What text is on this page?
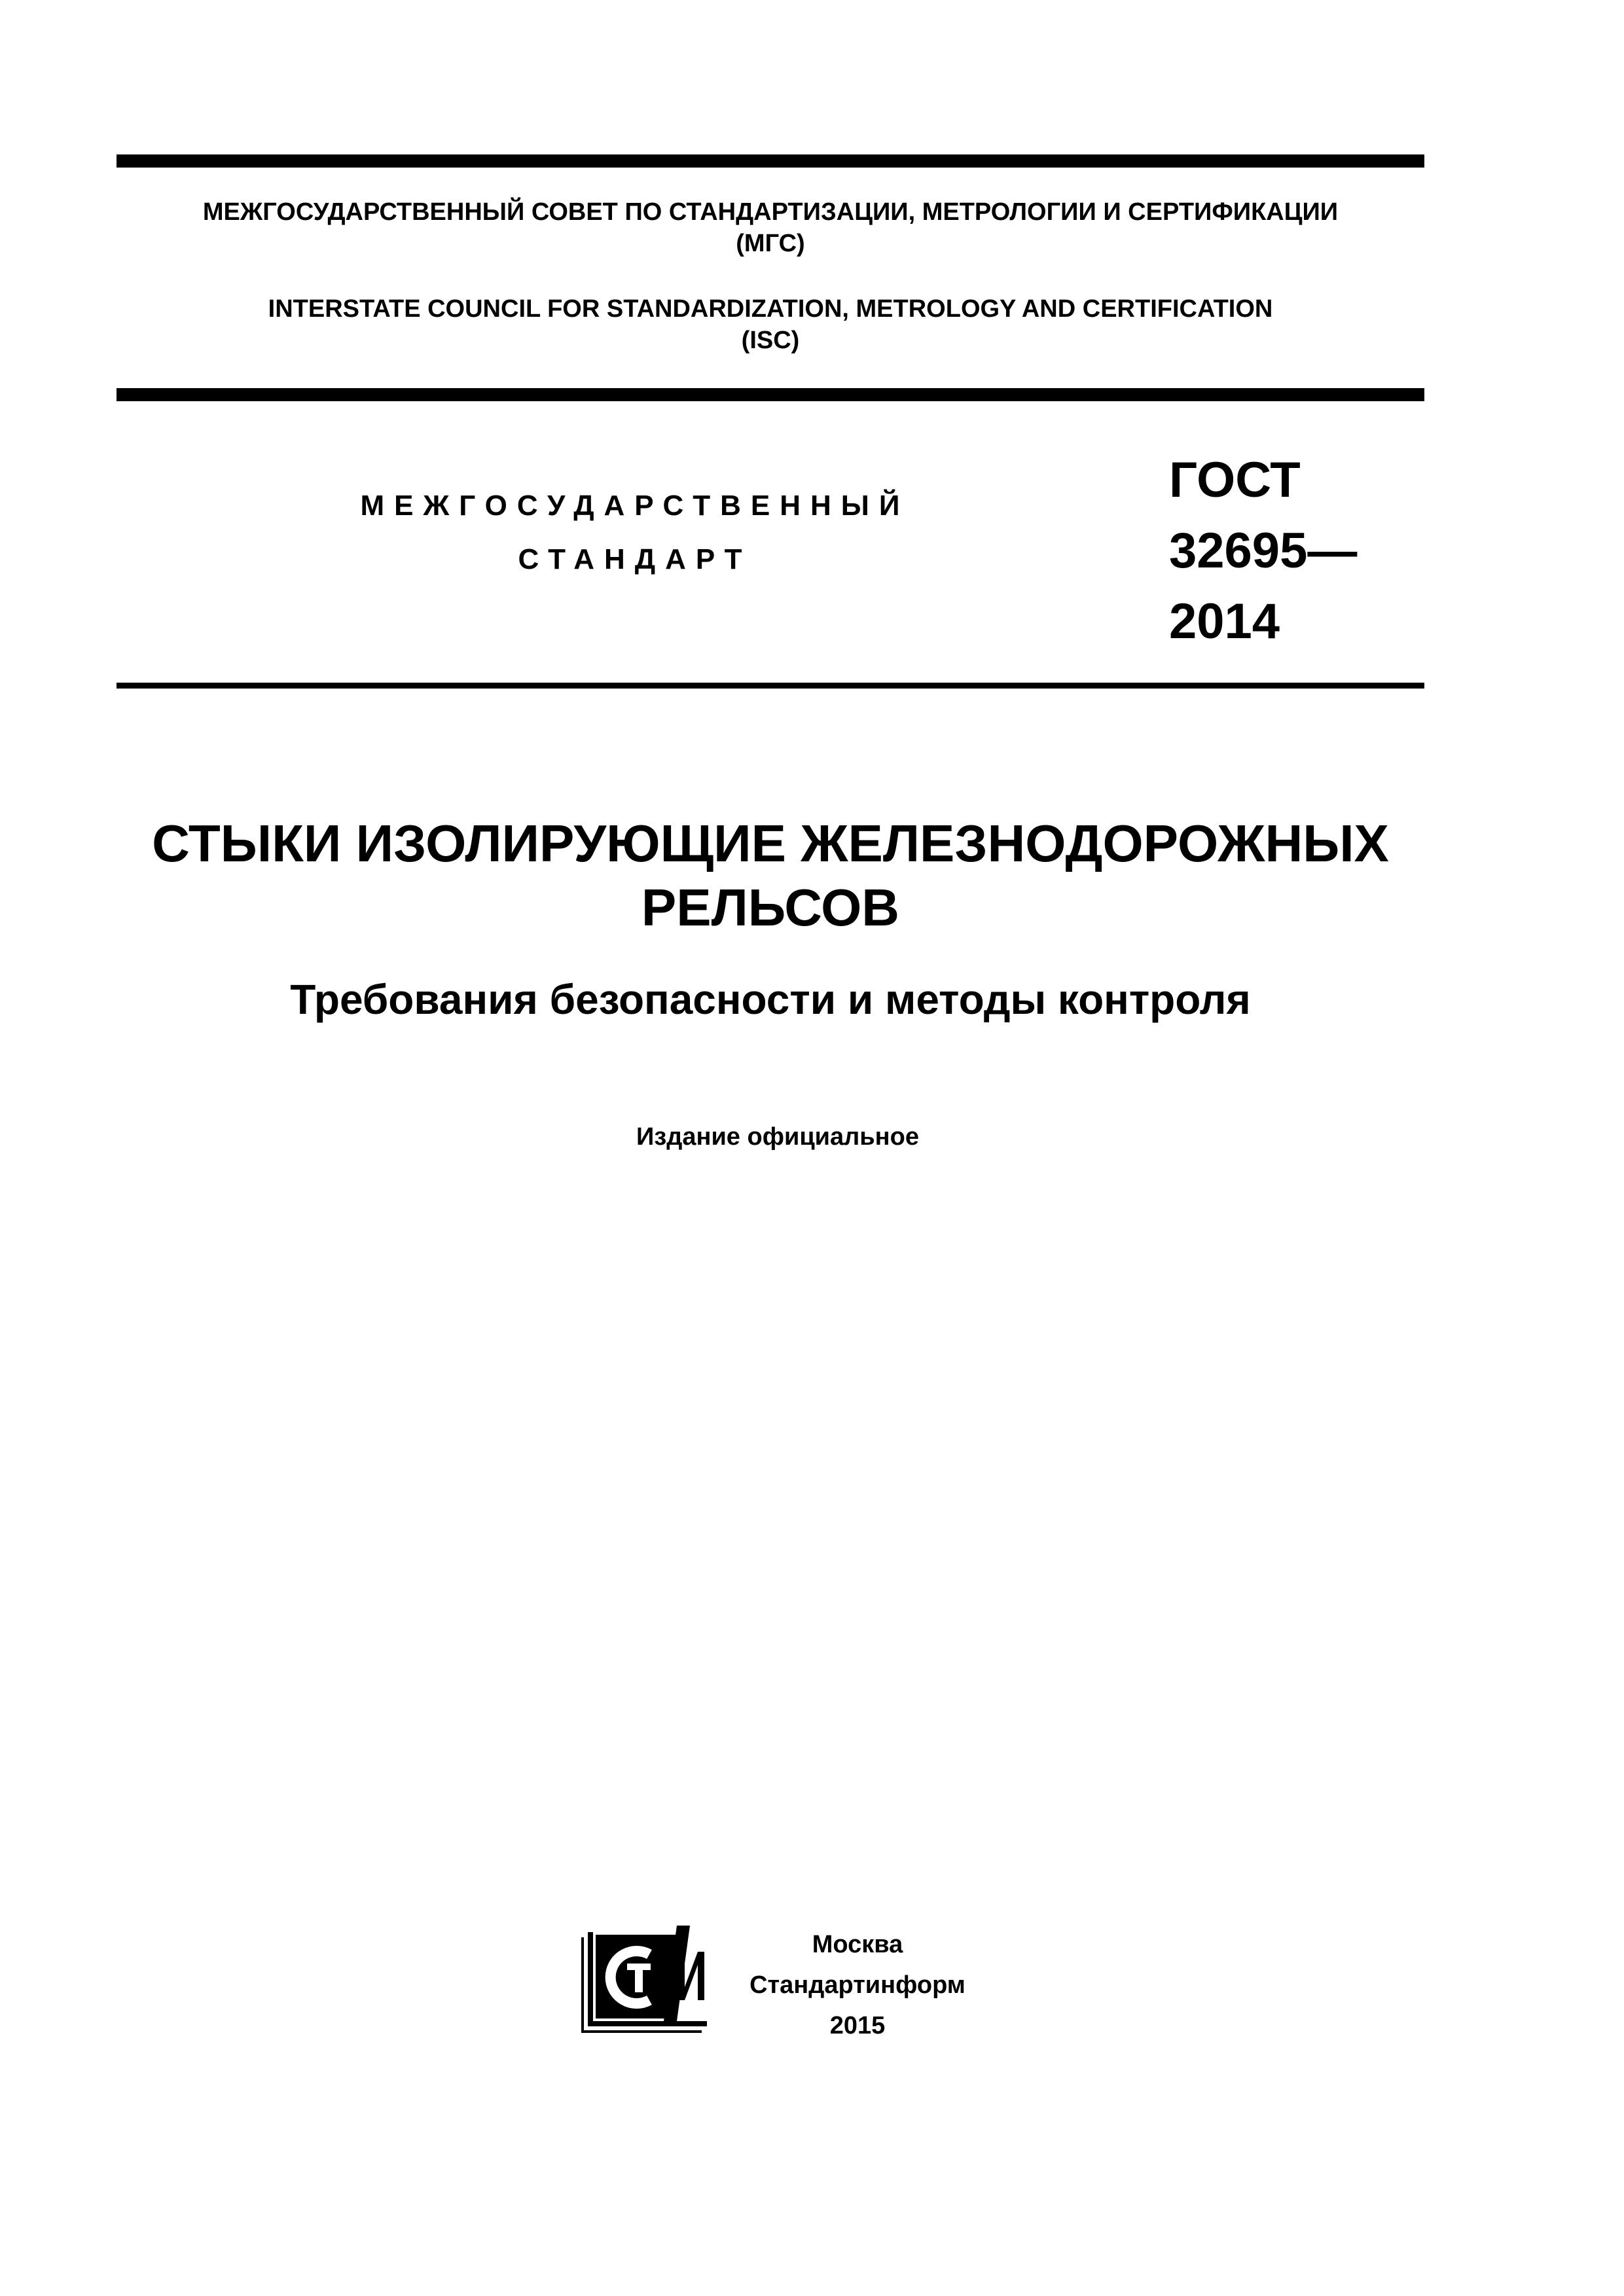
МЕЖГОСУДАРСТВЕННЫЙ СОВЕТ ПО СТАНДАРТИЗАЦИИ, МЕТРОЛОГИИ И СЕРТИФИКАЦИИ
(МГС)
INTERSTATE COUNCIL FOR STANDARDIZATION, METROLOGY AND CERTIFICATION
(ISC)
МЕЖГОСУДАРСТВЕННЫЙ
СТАНДАРТ
ГОСТ
32695—
2014
СТЫКИ ИЗОЛИРУЮЩИЕ ЖЕЛЕЗНОДОРОЖНЫХ
РЕЛЬСОВ
Требования безопасности и методы контроля
Издание официальное
Москва
Стандартинформ
2015
